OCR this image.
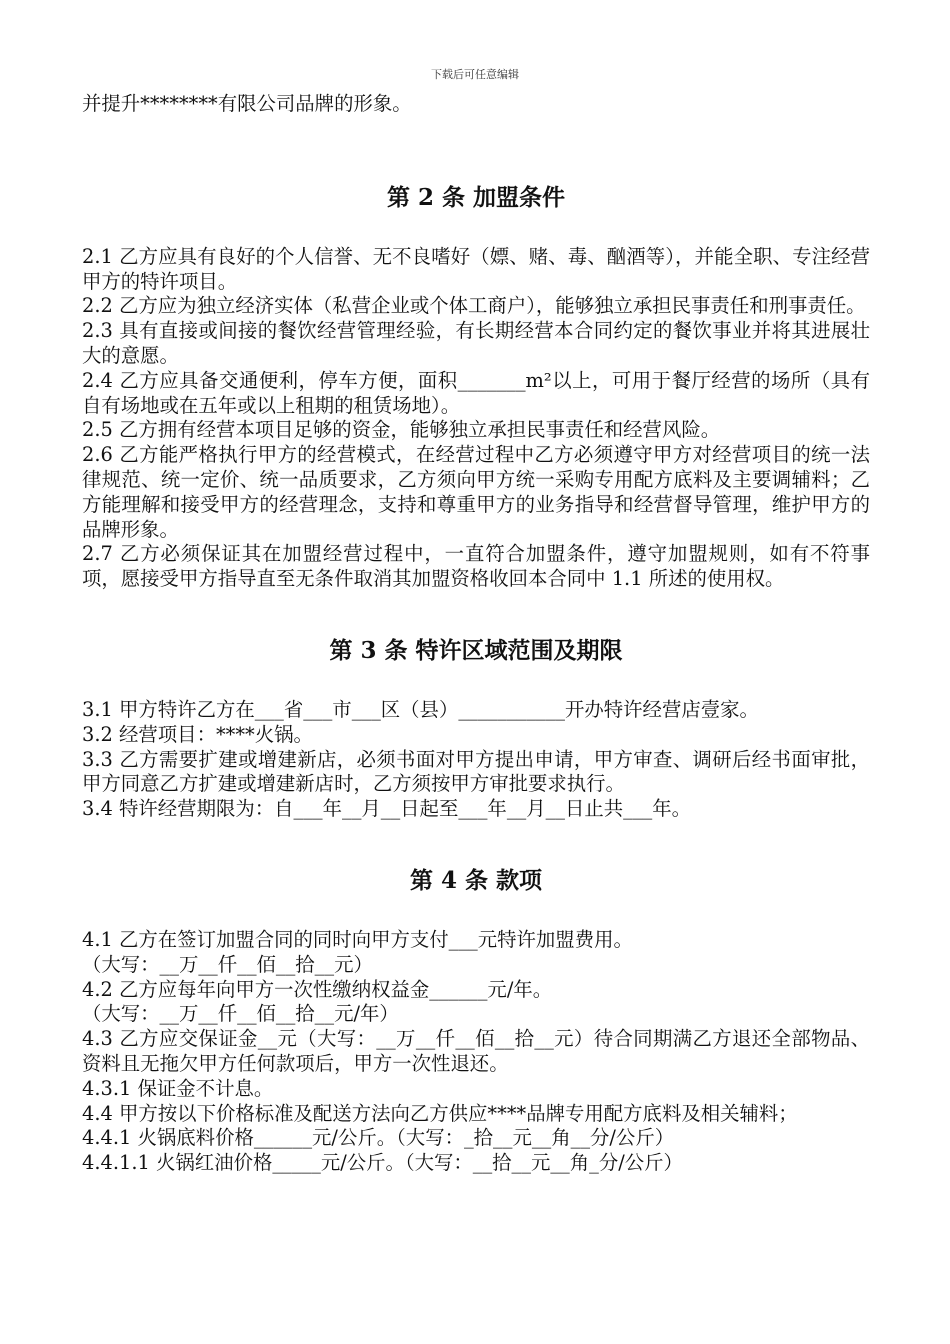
下载后可任意编辑

并提升********有限公司品牌的形象。

第 2 条 加盟条件

2.1 乙方应具有良好的个人信誉、无不良嗜好（嫖、赌、毒、酗酒等），并能全职、专注经营甲方的特许项目。

2.2 乙方应为独立经济实体（私营企业或个体工商户），能够独立承担民事责任和刑事责任。

2.3 具有直接或间接的餐饮经营管理经验，有长期经营本合同约定的餐饮事业并将其进展壮大的意愿。

2.4 乙方应具备交通便利，停车方便，面积_______m²以上，可用于餐厅经营的场所（具有自有场地或在五年或以上租期的租赁场地）。

2.5 乙方拥有经营本项目足够的资金，能够独立承担民事责任和经营风险。

2.6 乙方能严格执行甲方的经营模式，在经营过程中乙方必须遵守甲方对经营项目的统一法律规范、统一定价、统一品质要求，乙方须向甲方统一采购专用配方底料及主要调辅料；乙方能理解和接受甲方的经营理念，支持和尊重甲方的业务指导和经营督导管理，维护甲方的品牌形象。

2.7 乙方必须保证其在加盟经营过程中，一直符合加盟条件，遵守加盟规则，如有不符事项，愿接受甲方指导直至无条件取消其加盟资格收回本合同中 1.1 所述的使用权。

第 3 条 特许区域范围及期限

3.1 甲方特许乙方在___省___市___区（县）___________开办特许经营店壹家。

3.2 经营项目：****火锅。

3.3 乙方需要扩建或增建新店，必须书面对甲方提出申请，甲方审查、调研后经书面审批，甲方同意乙方扩建或增建新店时，乙方须按甲方审批要求执行。

3.4 特许经营期限为：自___年__月__日起至___年__月__日止共___年。

第 4 条 款项

4.1 乙方在签订加盟合同的同时向甲方支付___元特许加盟费用。

（大写：__万__仟__佰__拾__元）

4.2 乙方应每年向甲方一次性缴纳权益金______元/年。

（大写：__万__仟__佰__拾__元/年）

4.3 乙方应交保证金__元（大写：__万__仟__佰__拾__元）待合同期满乙方退还全部物品、资料且无拖欠甲方任何款项后，甲方一次性退还。

4.3.1 保证金不计息。

4.4 甲方按以下价格标准及配送方法向乙方供应****品牌专用配方底料及相关辅料；

4.4.1 火锅底料价格______元/公斤。（大写：_拾__元__角__分/公斤）

4.4.1.1 火锅红油价格_____元/公斤。（大写：__拾__元__角_分/公斤）
